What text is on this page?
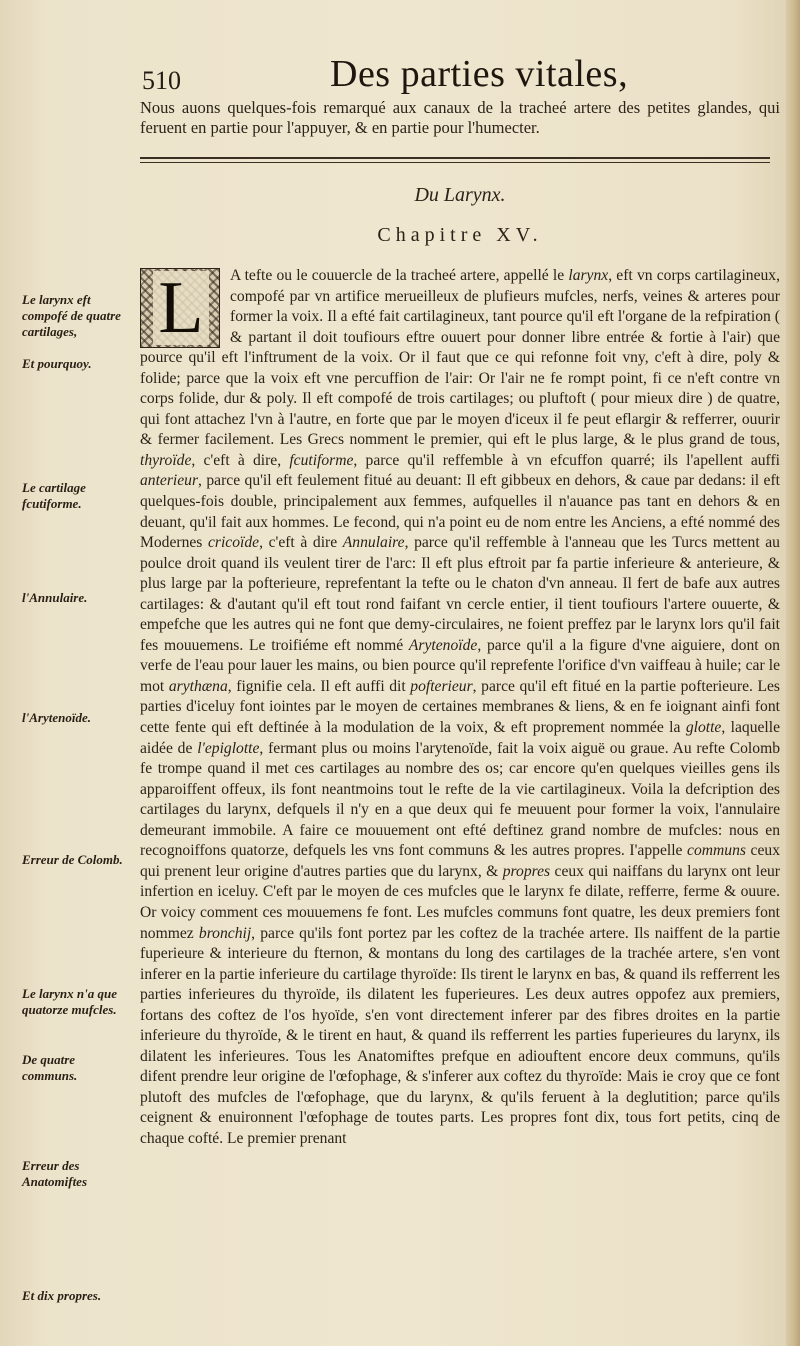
510	Des parties vitales,
Nous auons quelques-fois remarqué aux canaux de la tracheé artere des petites glandes, qui feruent en partie pour l'appuyer, & en partie pour l'humecter.
Du Larynx.
Chapitre XV.
L	A tefte ou le couuercle de la tracheé artere, appellé le larynx, eft vn corps cartilagineux, compofé par vn artifice merueilleux de plufieurs mufcles, nerfs, veines & arteres pour former la voix. Il a efté fait cartilagineux, tant pource qu'il eft l'organe de la refpiration ( & partant il doit toufiours eftre ouuert pour donner libre entrée & fortie à l'air) que pource qu'il eft l'inftrument de la voix. Or il faut que ce qui refonne foit vny, c'eft à dire, poly & folide; parce que la voix eft vne percuffion de l'air: Or l'air ne fe rompt point, fi ce n'eft contre vn corps folide, dur & poly. Il eft compofé de trois cartilages; ou pluftoft ( pour mieux dire ) de quatre, qui font attachez l'vn à l'autre, en forte que par le moyen d'iceux il fe peut eflargir & refferrer, ouurir & fermer facilement. Les Grecs nomment le premier, qui eft le plus large, & le plus grand de tous, thyroïde, c'eft à dire, fcutiforme, parce qu'il reffemble à vn efcuffon quarré; ils l'apellent auffi anterieur, parce qu'il eft feulement fitué au deuant: Il eft gibbeux en dehors, & caue par dedans: il eft quelques-fois double, principalement aux femmes, aufquelles il n'auance pas tant en dehors & en deuant, qu'il fait aux hommes. Le fecond, qui n'a point eu de nom entre les Anciens, a efté nommé des Modernes cricoïde, c'eft à dire Annulaire, parce qu'il reffemble à l'anneau que les Turcs mettent au poulce droit quand ils veulent tirer de l'arc: Il eft plus eftroit par fa partie inferieure & anterieure, & plus large par la pofterieure, reprefentant la tefte ou le chaton d'vn anneau. Il fert de bafe aux autres cartilages: & d'autant qu'il eft tout rond faifant vn cercle entier, il tient toufiours l'artere ouuerte, & empefche que les autres qui ne font que demy-circulaires, ne foient preffez par le larynx lors qu'il fait fes mouuemens. Le troifiéme eft nommé Arytenoïde, parce qu'il a la figure d'vne aiguiere, dont on verfe de l'eau pour lauer les mains, ou bien pource qu'il reprefente l'orifice d'vn vaiffeau à huile; car le mot arythæna, fignifie cela. Il eft auffi dit pofterieur, parce qu'il eft fitué en la partie pofterieure. Les parties d'iceluy font iointes par le moyen de certaines membranes & liens, & en fe ioignant ainfi font cette fente qui eft deftinée à la modulation de la voix, & eft proprement nommée la glotte, laquelle aidée de l'epiglotte, fermant plus ou moins l'arytenoïde, fait la voix aiguë ou graue. Au refte Colomb fe trompe quand il met ces cartilages au nombre des os; car encore qu'en quelques vieilles gens ils apparoiffent offeux, ils font neantmoins tout le refte de la vie cartilagineux. Voila la defcription des cartilages du larynx, defquels il n'y en a que deux qui fe meuuent pour former la voix, l'annulaire demeurant immobile. A faire ce mouuement ont efté deftinez grand nombre de mufcles: nous en recognoiffons quatorze, defquels les vns font communs & les autres propres. I'appelle communs ceux qui prenent leur origine d'autres parties que du larynx, & propres ceux qui naiffans du larynx ont leur infertion en iceluy. C'eft par le moyen de ces mufcles que le larynx fe dilate, refferre, ferme & ouure. Or voicy comment ces mouuemens fe font. Les mufcles communs font quatre, les deux premiers font nommez bronchij, parce qu'ils font portez par les coftez de la trachée artere. Ils naiffent de la partie fuperieure & interieure du fternon, & montans du long des cartilages de la trachée artere, s'en vont inferer en la partie inferieure du cartilage thyroïde: Ils tirent le larynx en bas, & quand ils refferrent les parties inferieures du thyroïde, ils dilatent les fuperieures. Les deux autres oppofez aux premiers, fortans des coftez de l'os hyoïde, s'en vont directement inferer par des fibres droites en la partie inferieure du thyroïde, & le tirent en haut, & quand ils refferrent les parties fuperieures du larynx, ils dilatent les inferieures. Tous les Anatomiftes prefque en adiouftent encore deux communs, qu'ils difent prendre leur origine de l'œfophage, & s'inferer aux coftez du thyroïde: Mais ie croy que ce font plutoft des mufcles de l'œfophage, que du larynx, & qu'ils feruent à la deglutition; parce qu'ils ceignent & enuironnent l'œfophage de toutes parts. Les propres font dix, tous fort petits, cinq de chaque cofté. Le premier prenant
Le larynx eft compofé de quatre cartilages,
Et pourquoy.
Le cartilage fcutiforme.
l'Annulaire.
l'Arytenoïde.
Erreur de Colomb.
Le larynx n'a que quatorze mufcles.
De quatre communs.
Erreur des Anatomiftes
Et dix propres.
